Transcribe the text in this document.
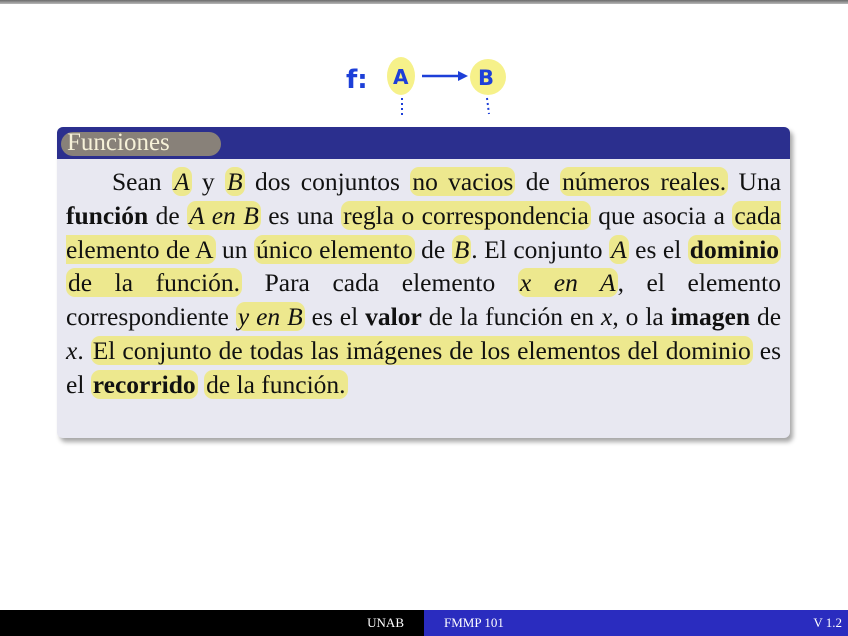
f: A	B
Funciones
Sean A y B dos conjuntos no vacios de números reales. Una función de A en B es una regla o correspondencia que asocia a cada elemento de A un único elemento de B. El conjunto A es el dominio de la función. Para cada elemento x en A, el elemento correspondiente y en B es el valor de la función en x, o la imagen de x. El conjunto de todas las imágenes de los elementos del dominio es el recorrido de la función.
UNAB	FMMP 101	V 1.2
